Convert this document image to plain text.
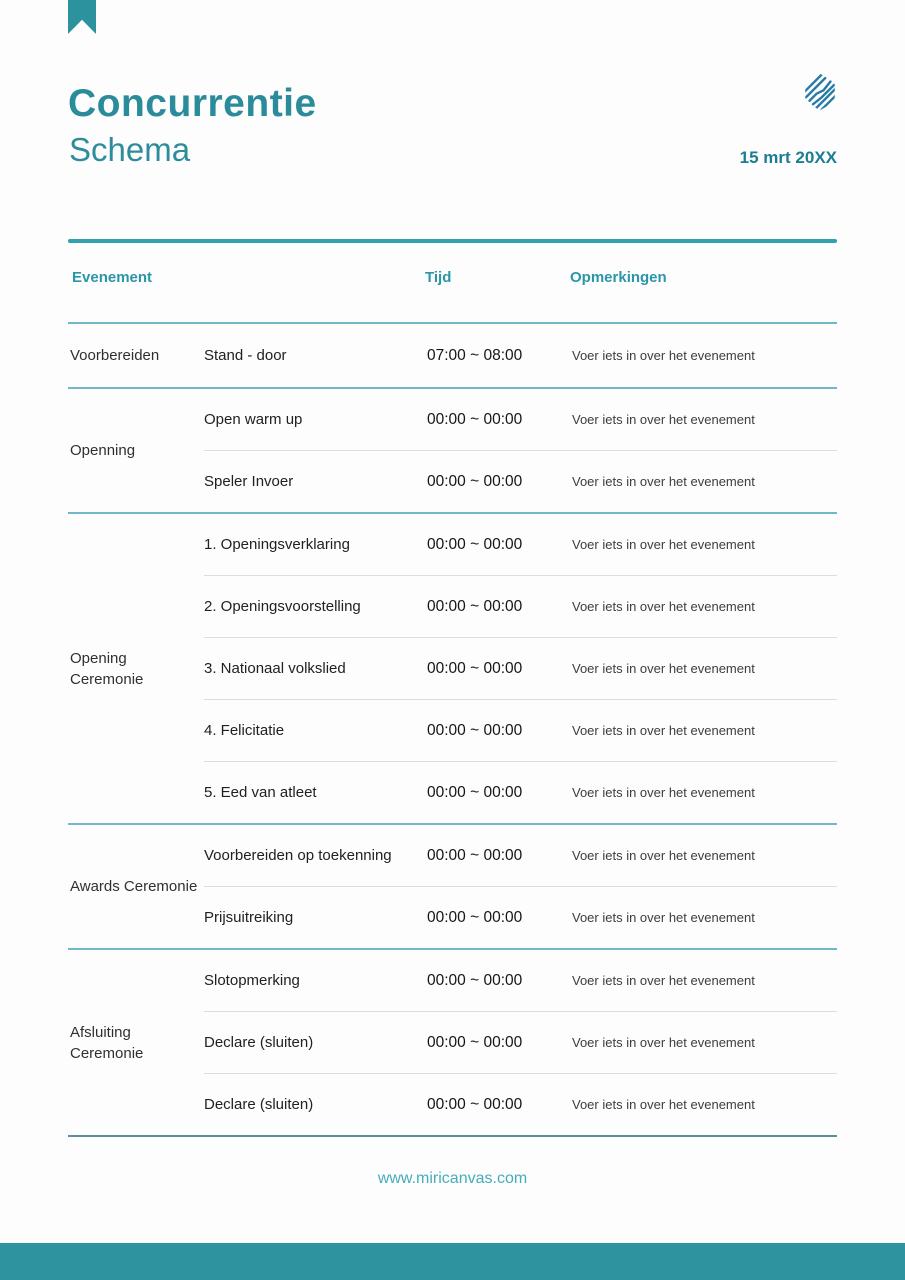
Concurrentie
Schema	15 mrt 20XX
Evenement	Tijd	Opmerkingen
Voorbereiden	Stand - door	07:00 ~ 08:00	Voer iets in over het evenement
Openning
Open warm up	00:00 ~ 00:00	Voer iets in over het evenement
Speler Invoer	00:00 ~ 00:00	Voer iets in over het evenement
Opening Ceremonie
1. Openingsverklaring	00:00 ~ 00:00	Voer iets in over het evenement
2. Openingsvoorstelling	00:00 ~ 00:00	Voer iets in over het evenement
3. Nationaal volkslied	00:00 ~ 00:00	Voer iets in over het evenement
4. Felicitatie	00:00 ~ 00:00	Voer iets in over het evenement
5. Eed van atleet	00:00 ~ 00:00	Voer iets in over het evenement
Awards Ceremonie
Voorbereiden op toekenning	00:00 ~ 00:00	Voer iets in over het evenement
Prijsuitreiking	00:00 ~ 00:00	Voer iets in over het evenement
Afsluiting Ceremonie
Slotopmerking	00:00 ~ 00:00	Voer iets in over het evenement
Declare (sluiten)	00:00 ~ 00:00	Voer iets in over het evenement
Declare (sluiten)	00:00 ~ 00:00	Voer iets in over het evenement
www.miricanvas.com
